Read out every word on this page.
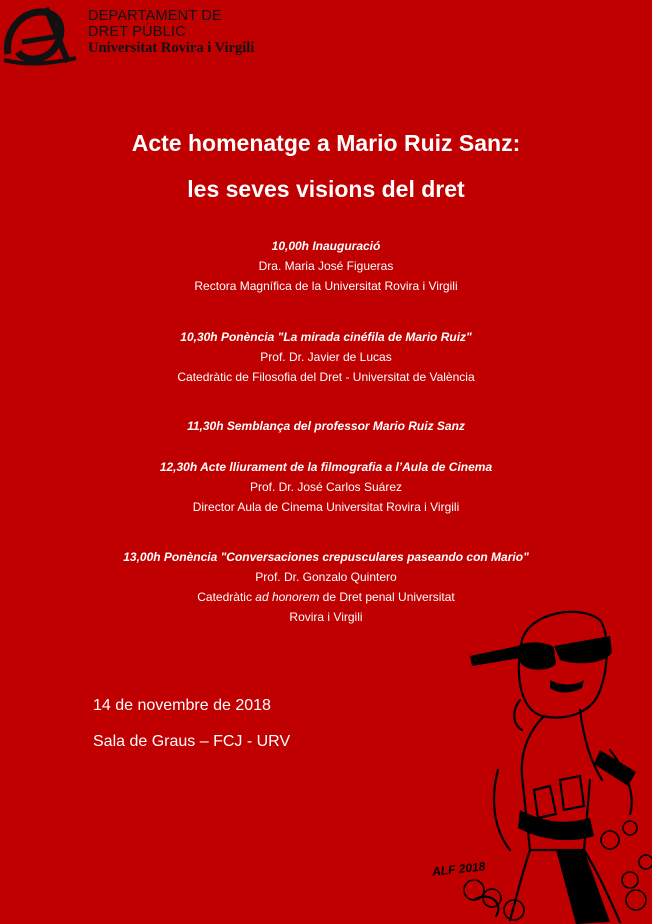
DEPARTAMENT DE
DRET PÚBLIC
Universitat Rovira i Virgili
Acte homenatge a Mario Ruiz Sanz:
les seves visions del dret
10,00h Inauguració
Dra. Maria José Figueras
Rectora Magnífica de la Universitat Rovira i Virgili
10,30h Ponència "La mirada cinéfila de Mario Ruiz"
Prof. Dr. Javier de Lucas
Catedràtic de Filosofia del Dret - Universitat de València
11,30h Semblança del professor Mario Ruiz Sanz
12,30h Acte lliurament de la filmografia a l’Aula de Cinema
Prof. Dr. José Carlos Suárez
Director Aula de Cinema Universitat Rovira i Virgili
13,00h Ponència "Conversaciones crepusculares paseando con Mario"
Prof. Dr. Gonzalo Quintero
Catedràtic ad honorem de Dret penal Universitat
Rovira i Virgili
14 de novembre de 2018
Sala de Graus – FCJ - URV
ALF 2018
